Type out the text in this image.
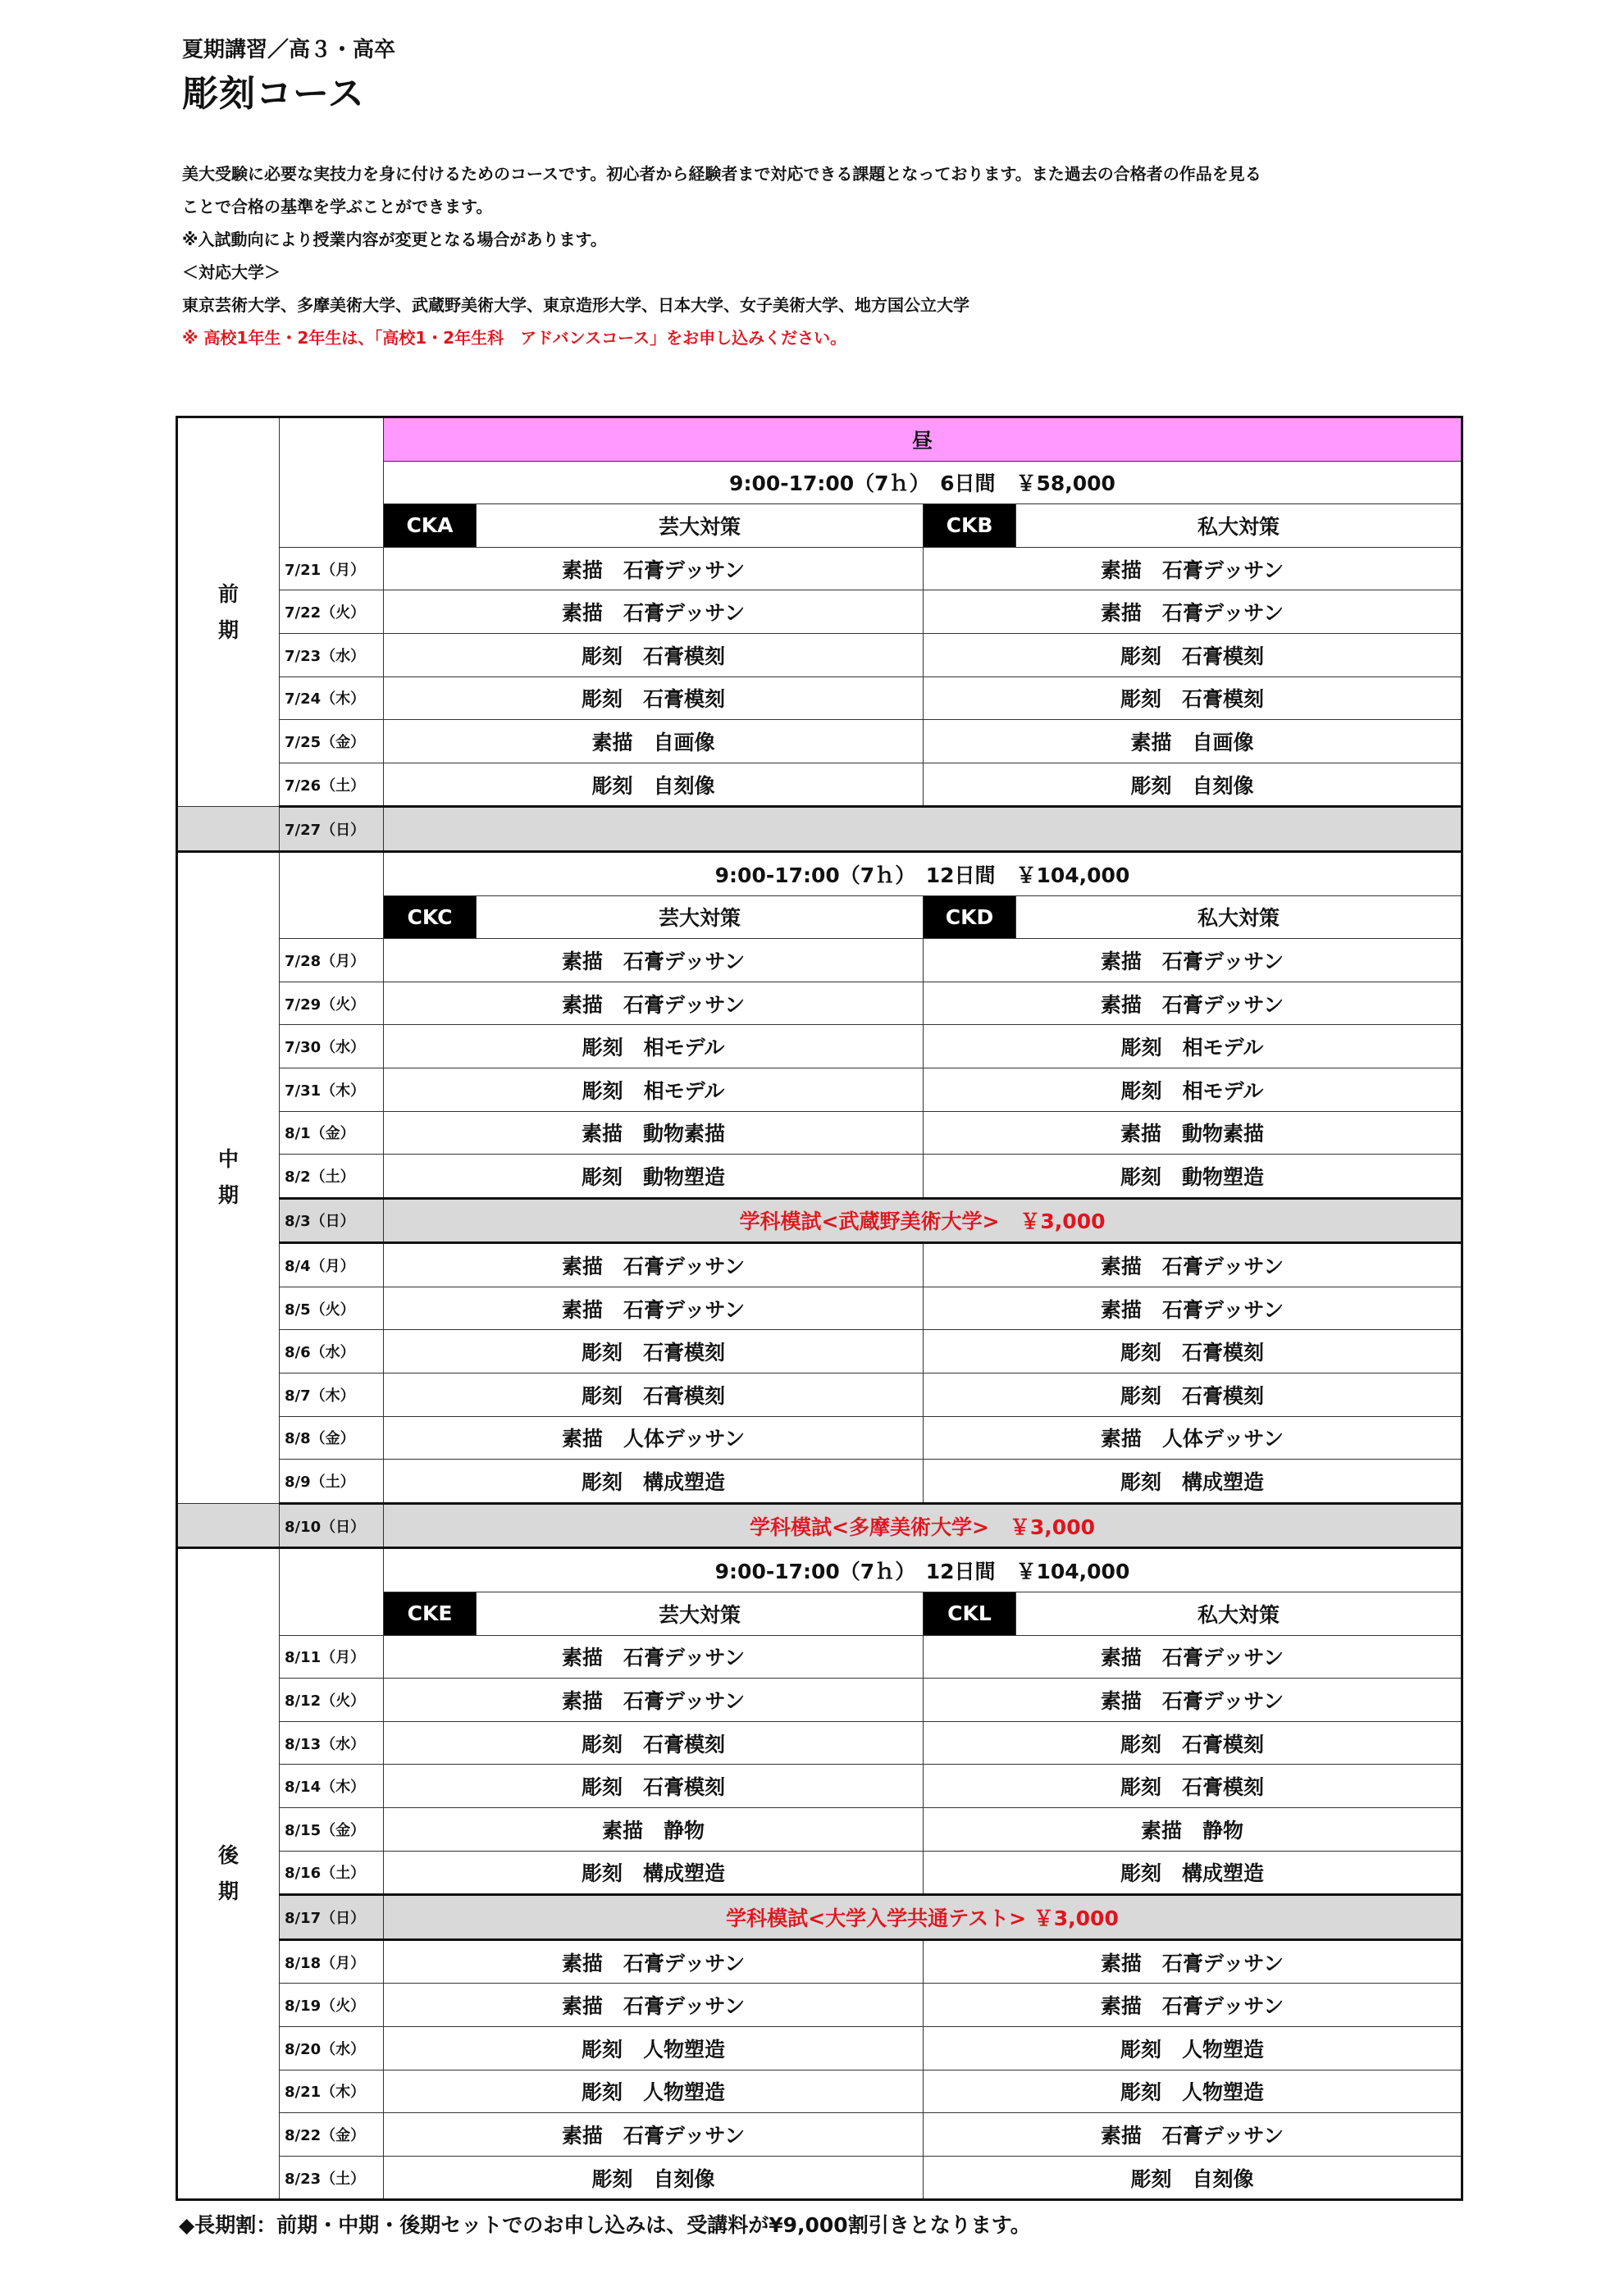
夏期講習／高３・高卒

彫刻コース

美大受験に必要な実技力を身に付けるためのコースです。初心者から経験者まで対応できる課題となっております。また過去の合格者の作品を見る

ことで合格の基準を学ぶことができます。

※入試動向により授業内容が変更となる場合があります。

＜対応大学＞

東京芸術大学、多摩美術大学、武蔵野美術大学、東京造形大学、日本大学、女子美術大学、地方国公立大学

※ 高校1年生・2年生は、「高校1・2年生科　アドバンスコース」をお申し込みください。

前
期		昼
9:00-17:00（7ｈ）　6日間　￥58,000
CKA	芸大対策	CKB	私大対策
7/21（月）	素描　石膏デッサン	素描　石膏デッサン
7/22（火）	素描　石膏デッサン	素描　石膏デッサン
7/23（水）	彫刻　石膏模刻	彫刻　石膏模刻
7/24（木）	彫刻　石膏模刻	彫刻　石膏模刻
7/25（金）	素描　自画像	素描　自画像
7/26（土）	彫刻　自刻像	彫刻　自刻像
	7/27（日）	
中
期		9:00-17:00（7ｈ）　12日間　￥104,000
CKC	芸大対策	CKD	私大対策
7/28（月）	素描　石膏デッサン	素描　石膏デッサン
7/29（火）	素描　石膏デッサン	素描　石膏デッサン
7/30（水）	彫刻　相モデル	彫刻　相モデル
7/31（木）	彫刻　相モデル	彫刻　相モデル
8/1（金）	素描　動物素描	素描　動物素描
8/2（土）	彫刻　動物塑造	彫刻　動物塑造
8/3（日）	学科模試<武蔵野美術大学>　￥3,000
8/4（月）	素描　石膏デッサン	素描　石膏デッサン
8/5（火）	素描　石膏デッサン	素描　石膏デッサン
8/6（水）	彫刻　石膏模刻	彫刻　石膏模刻
8/7（木）	彫刻　石膏模刻	彫刻　石膏模刻
8/8（金）	素描　人体デッサン	素描　人体デッサン
8/9（土）	彫刻　構成塑造	彫刻　構成塑造
	8/10（日）	学科模試<多摩美術大学>　￥3,000
後
期		9:00-17:00（7ｈ）　12日間　￥104,000
CKE	芸大対策	CKL	私大対策
8/11（月）	素描　石膏デッサン	素描　石膏デッサン
8/12（火）	素描　石膏デッサン	素描　石膏デッサン
8/13（水）	彫刻　石膏模刻	彫刻　石膏模刻
8/14（木）	彫刻　石膏模刻	彫刻　石膏模刻
8/15（金）	素描　静物	素描　静物
8/16（土）	彫刻　構成塑造	彫刻　構成塑造
8/17（日）	学科模試<大学入学共通テスト> ￥3,000
8/18（月）	素描　石膏デッサン	素描　石膏デッサン
8/19（火）	素描　石膏デッサン	素描　石膏デッサン
8/20（水）	彫刻　人物塑造	彫刻　人物塑造
8/21（木）	彫刻　人物塑造	彫刻　人物塑造
8/22（金）	素描　石膏デッサン	素描　石膏デッサン
8/23（土）	彫刻　自刻像	彫刻　自刻像

◆長期割：前期・中期・後期セットでのお申し込みは、受講料が¥9,000割引きとなります。
